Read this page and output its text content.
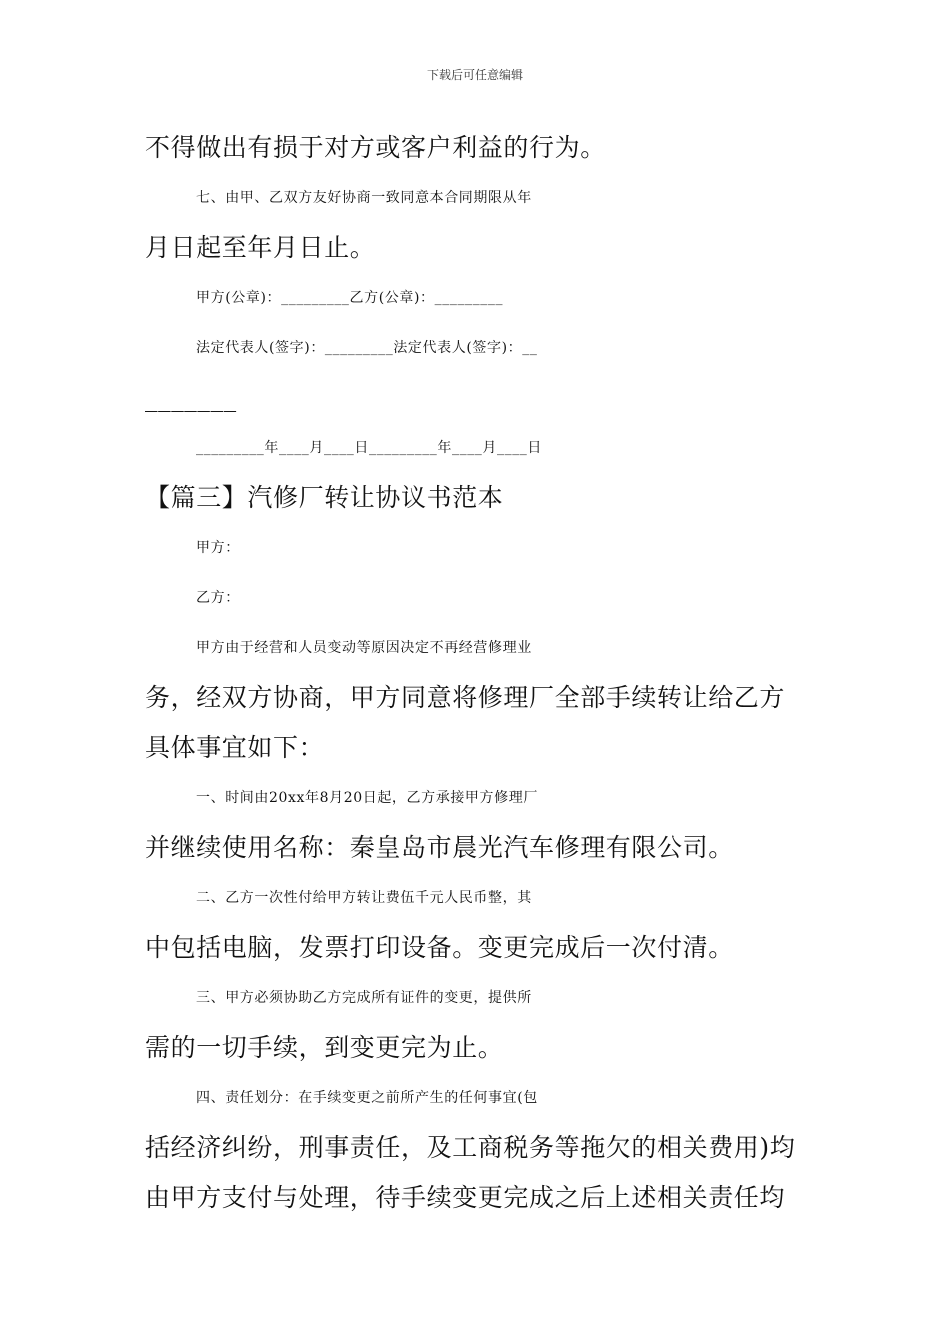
下载后可任意编辑
不得做出有损于对方或客户利益的行为。
七、由甲、乙双方友好协商一致同意本合同期限从年
月日起至年月日止。
甲方(公章)：_________乙方(公章)：_________
法定代表人(签字)：_________法定代表人(签字)：__
_______
_________年____月____日_________年____月____日
【篇三】汽修厂转让协议书范本
甲方：
乙方：
甲方由于经营和人员变动等原因决定不再经营修理业
务，经双方协商，甲方同意将修理厂全部手续转让给乙方
具体事宜如下：
一、时间由20xx年8月20日起，乙方承接甲方修理厂
并继续使用名称：秦皇岛市晨光汽车修理有限公司。
二、乙方一次性付给甲方转让费伍千元人民币整，其
中包括电脑，发票打印设备。变更完成后一次付清。
三、甲方必须协助乙方完成所有证件的变更，提供所
需的一切手续，到变更完为止。
四、责任划分：在手续变更之前所产生的任何事宜(包
括经济纠纷，刑事责任，及工商税务等拖欠的相关费用)均
由甲方支付与处理，待手续变更完成之后上述相关责任均
